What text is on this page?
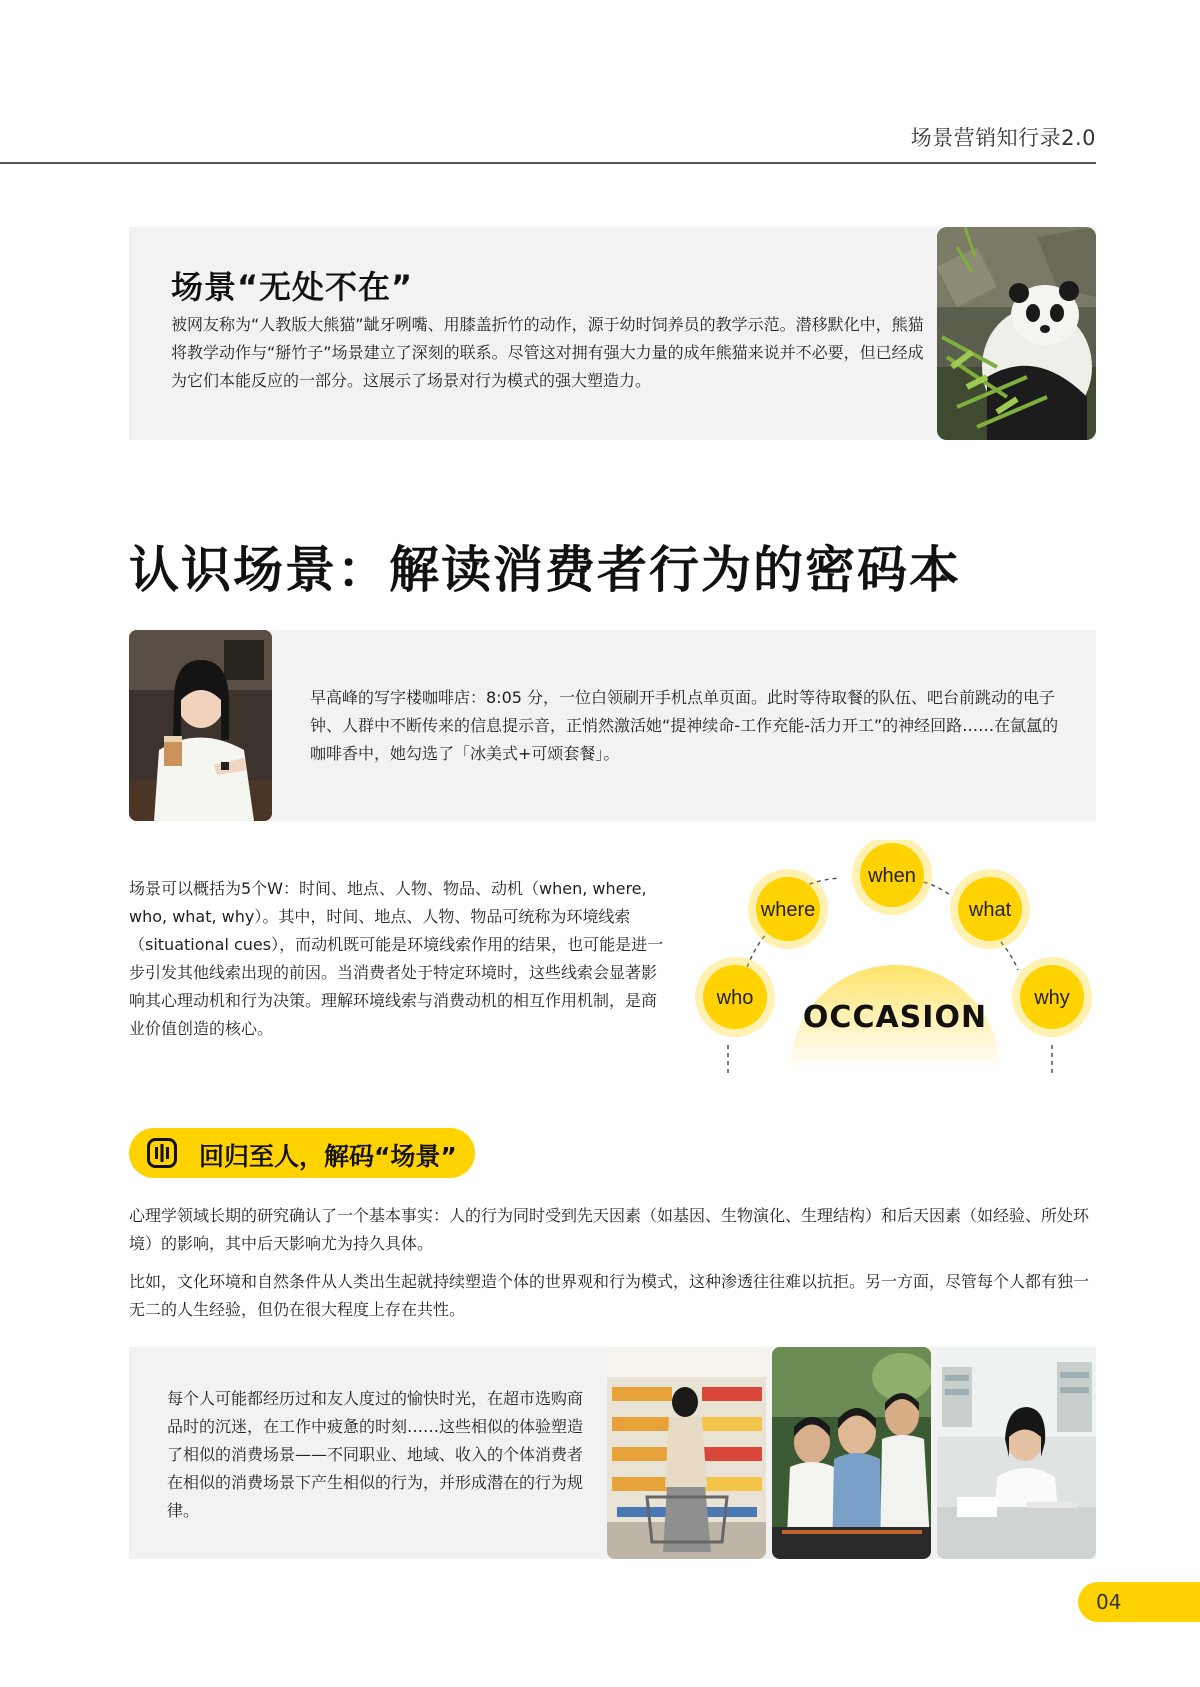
场景营销知行录2.0
场景“无处不在”
被网友称为“人教版大熊猫”龇牙咧嘴、用膝盖折竹的动作，源于幼时饲养员的教学示范。潜移默化中，熊猫将教学动作与“掰竹子”场景建立了深刻的联系。尽管这对拥有强大力量的成年熊猫来说并不必要，但已经成为它们本能反应的一部分。这展示了场景对行为模式的强大塑造力。
认识场景：解读消费者行为的密码本
早高峰的写字楼咖啡店：8:05 分，一位白领刷开手机点单页面。此时等待取餐的队伍、吧台前跳动的电子钟、人群中不断传来的信息提示音，正悄然激活她“提神续命-工作充能-活力开工”的神经回路……在氤氲的咖啡香中，她勾选了「冰美式+可颂套餐」。
场景可以概括为5个W：时间、地点、人物、物品、动机（when, where, who, what, why）。其中，时间、地点、人物、物品可统称为环境线索（situational cues），而动机既可能是环境线索作用的结果，也可能是进一步引发其他线索出现的前因。当消费者处于特定环境时，这些线索会显著影响其心理动机和行为决策。理解环境线索与消费动机的相互作用机制，是商业价值创造的核心。
who
where
when
what
why
OCCASION
回归至人，解码“场景”
心理学领域长期的研究确认了一个基本事实：人的行为同时受到先天因素（如基因、生物演化、生理结构）和后天因素（如经验、所处环境）的影响，其中后天影响尤为持久具体。
比如，文化环境和自然条件从人类出生起就持续塑造个体的世界观和行为模式，这种渗透往往难以抗拒。另一方面，尽管每个人都有独一无二的人生经验，但仍在很大程度上存在共性。
每个人可能都经历过和友人度过的愉快时光，在超市选购商品时的沉迷，在工作中疲惫的时刻……这些相似的体验塑造了相似的消费场景——不同职业、地域、收入的个体消费者在相似的消费场景下产生相似的行为，并形成潜在的行为规律。
04
